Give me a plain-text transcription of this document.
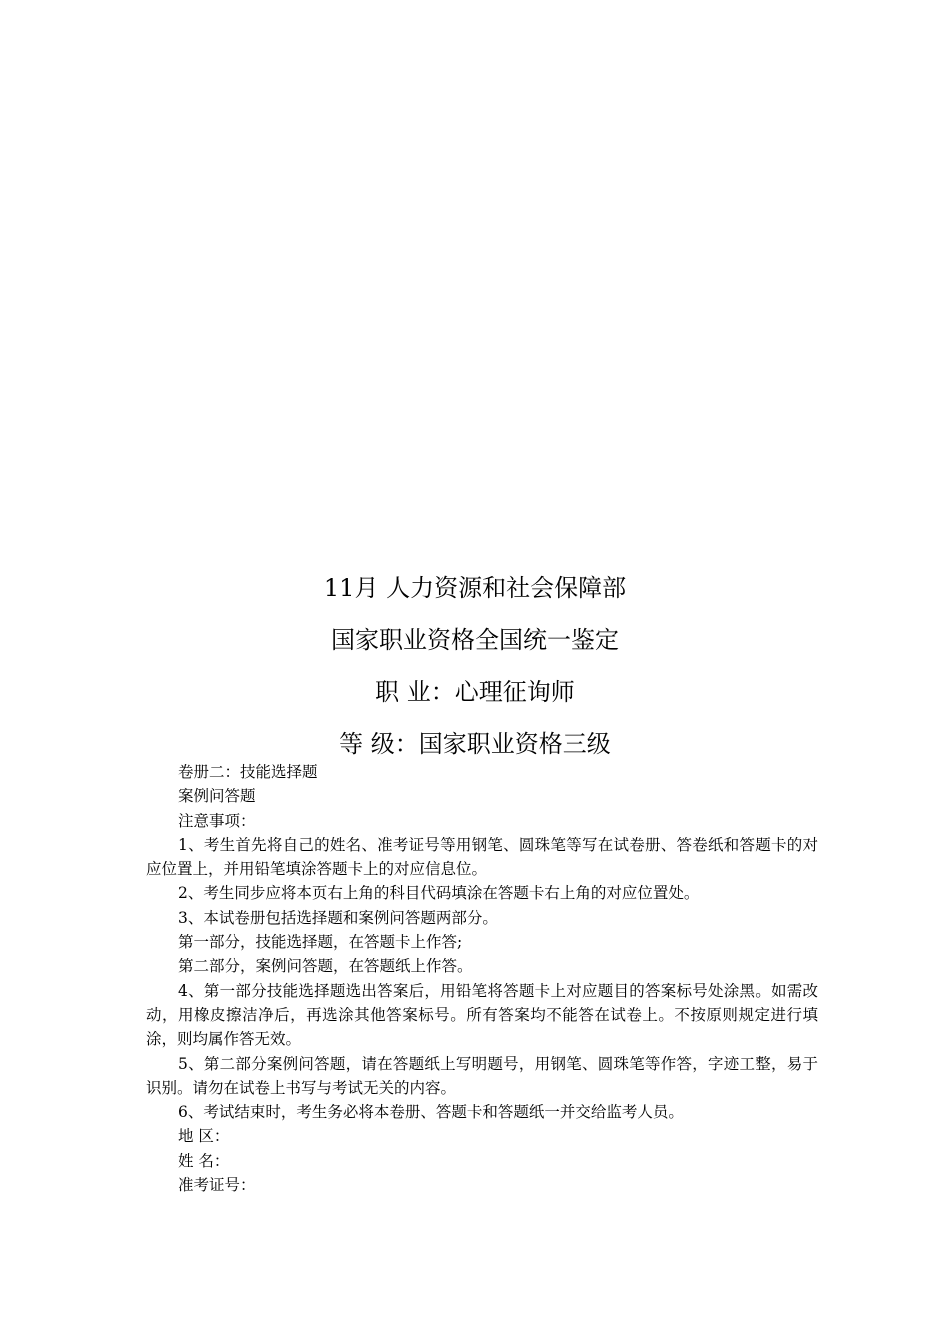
11月 人力资源和社会保障部
国家职业资格全国统一鉴定
职 业：心理征询师
等 级：国家职业资格三级

卷册二：技能选择题

案例问答题

注意事项：

1、考生首先将自己的姓名、准考证号等用钢笔、圆珠笔等写在试卷册、答卷纸和答题卡的对应位置上，并用铅笔填涂答题卡上的对应信息位。

2、考生同步应将本页右上角的科目代码填涂在答题卡右上角的对应位置处。

3、本试卷册包括选择题和案例问答题两部分。

第一部分，技能选择题，在答题卡上作答;

第二部分，案例问答题，在答题纸上作答。

4、第一部分技能选择题选出答案后，用铅笔将答题卡上对应题目的答案标号处涂黑。如需改动，用橡皮擦洁净后，再选涂其他答案标号。所有答案均不能答在试卷上。不按原则规定进行填涂，则均属作答无效。

5、第二部分案例问答题，请在答题纸上写明题号，用钢笔、圆珠笔等作答，字迹工整，易于识别。请勿在试卷上书写与考试无关的内容。

6、考试结束时，考生务必将本卷册、答题卡和答题纸一并交给监考人员。

地 区：

姓 名：

准考证号：
